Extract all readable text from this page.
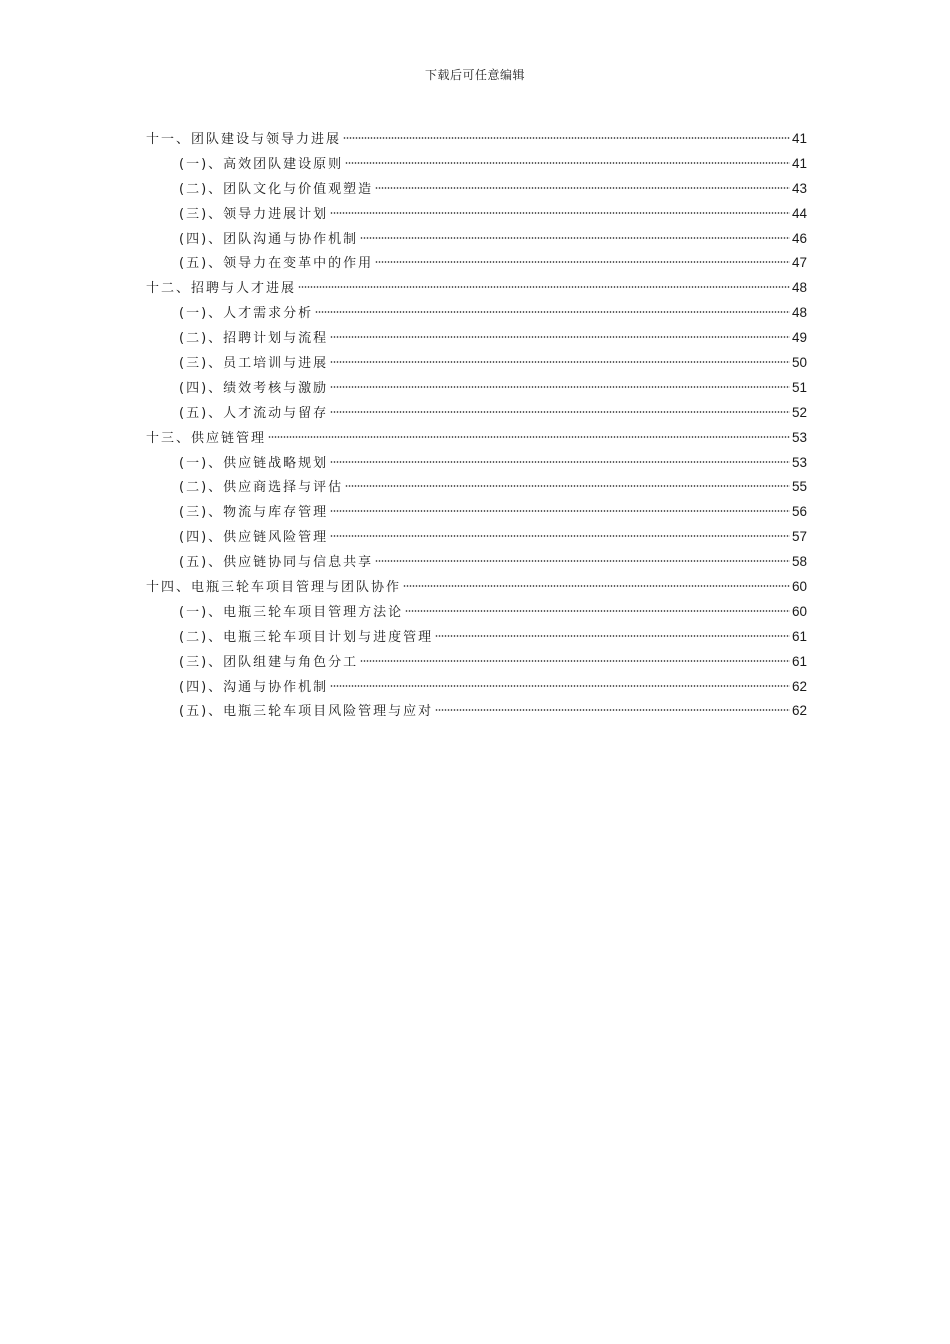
下载后可任意编辑
十一、团队建设与领导力进展	41
(一)、高效团队建设原则	41
(二)、团队文化与价值观塑造	43
(三)、领导力进展计划	44
(四)、团队沟通与协作机制	46
(五)、领导力在变革中的作用	47
十二、招聘与人才进展	48
(一)、人才需求分析	48
(二)、招聘计划与流程	49
(三)、员工培训与进展	50
(四)、绩效考核与激励	51
(五)、人才流动与留存	52
十三、供应链管理	53
(一)、供应链战略规划	53
(二)、供应商选择与评估	55
(三)、物流与库存管理	56
(四)、供应链风险管理	57
(五)、供应链协同与信息共享	58
十四、电瓶三轮车项目管理与团队协作	60
(一)、电瓶三轮车项目管理方法论	60
(二)、电瓶三轮车项目计划与进度管理	61
(三)、团队组建与角色分工	61
(四)、沟通与协作机制	62
(五)、电瓶三轮车项目风险管理与应对	62
